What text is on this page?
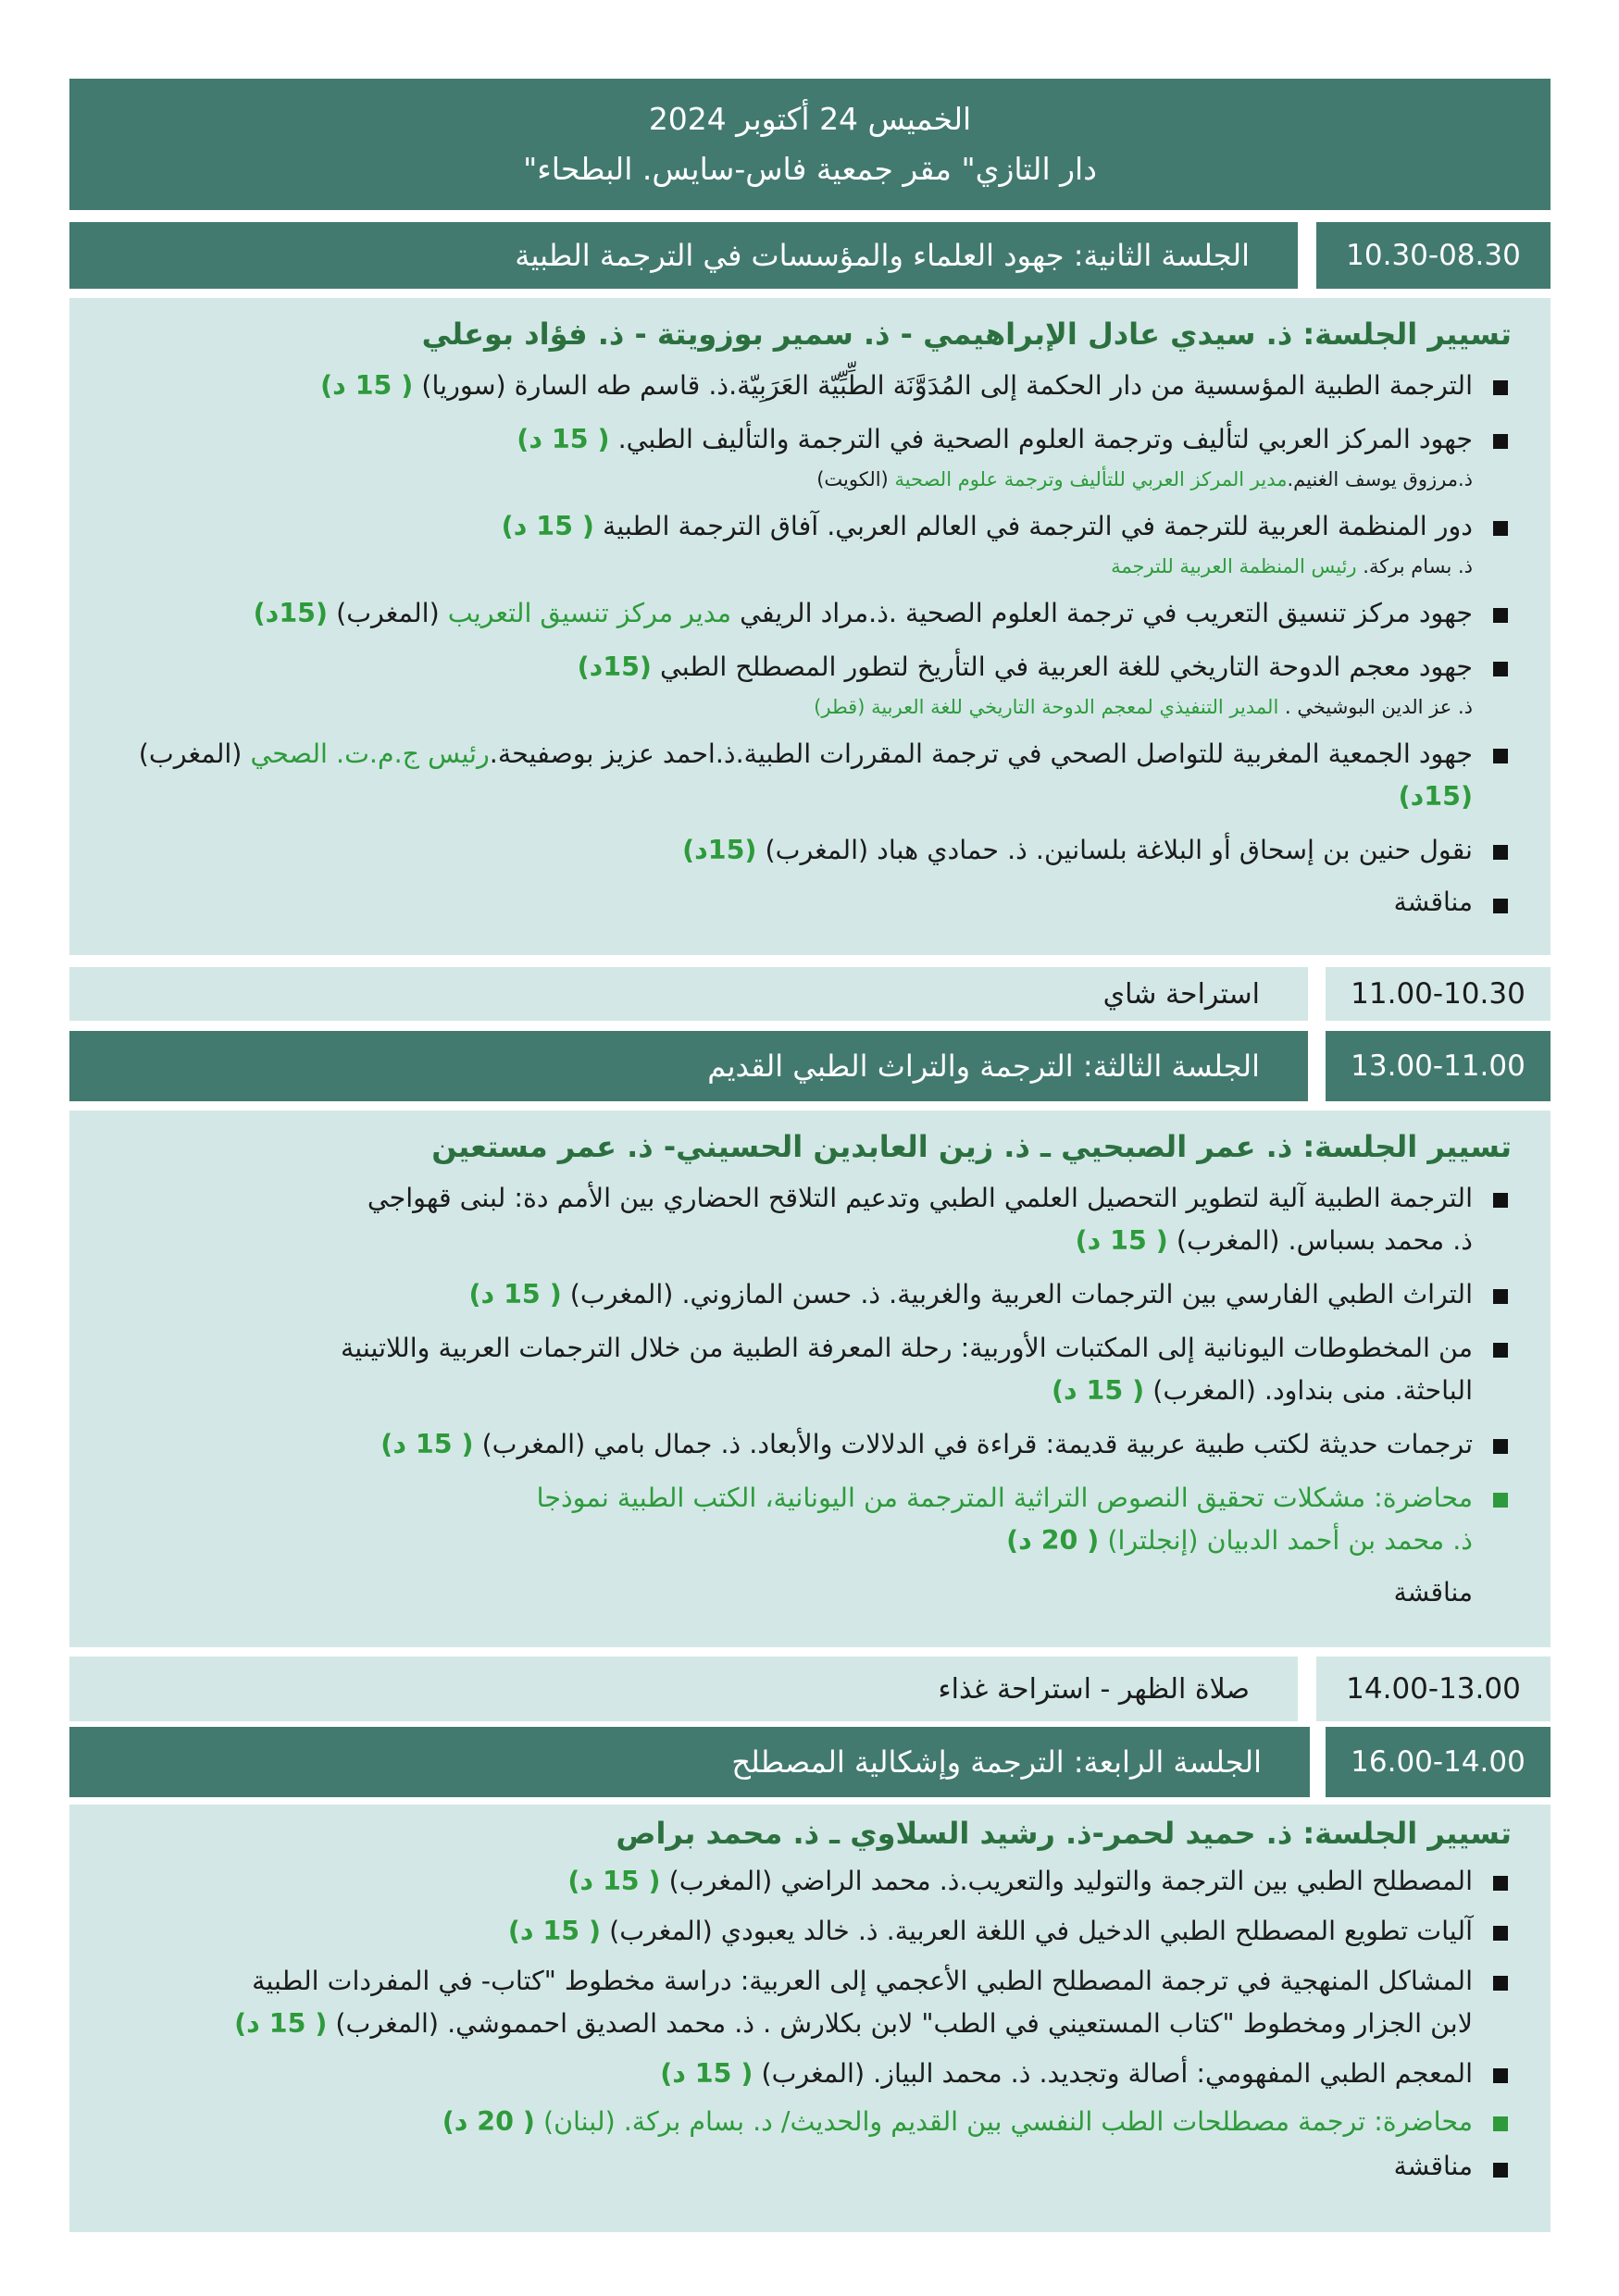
الخميس 24 أكتوبر 2024
دار التازي" مقر جمعية فاس-سايس. البطحاء"
الجلسة الثانية: جهود العلماء والمؤسسات في الترجمة الطبية	10.30-08.30
تسيير الجلسة: ذ. سيدي عادل الإبراهيمي - ذ. سمير بوزويتة - ذ. فؤاد بوعلي
الترجمة الطبية المؤسسية من دار الحكمة إلى المُدَوَّنَة الطِّبِّيّة العَرَبِيّة.ذ. قاسم طه السارة (سوريا) ( 15 د)
جهود المركز العربي لتأليف وترجمة العلوم الصحية في الترجمة والتأليف الطبي. ( 15 د)
ذ.مرزوق يوسف الغنيم.مدير المركز العربي للتأليف وترجمة علوم الصحية (الكويت)
دور المنظمة العربية للترجمة في الترجمة في العالم العربي. آفاق الترجمة الطبية ( 15 د)
ذ. بسام بركة. رئيس المنظمة العربية للترجمة
جهود مركز تنسيق التعريب في ترجمة العلوم الصحية .ذ.مراد الريفي مدير مركز تنسيق التعريب (المغرب) (15د)
جهود معجم الدوحة التاريخي للغة العربية في التأريخ لتطور المصطلح الطبي (15د)
ذ. عز الدين البوشيخي . المدير التنفيذي لمعجم الدوحة التاريخي للغة العربية (قطر)
جهود الجمعية المغربية للتواصل الصحي في ترجمة المقررات الطبية.ذ.احمد عزيز بوصفيحة.رئيس ج.م.ت. الصحي (المغرب) (15د)
نقول حنين بن إسحاق أو البلاغة بلسانين. ذ. حمادي هباد (المغرب) (15د)
مناقشة
استراحة شاي	11.00-10.30
الجلسة الثالثة: الترجمة والتراث الطبي القديم	13.00-11.00
تسيير الجلسة: ذ. عمر الصبحيي ـ ذ. زين العابدين الحسيني- ذ. عمر مستعين
الترجمة الطبية آلية لتطوير التحصيل العلمي الطبي وتدعيم التلاقح الحضاري بين الأمم دة: لبنى قهواجي
ذ. محمد بسباس. (المغرب) ( 15 د)
التراث الطبي الفارسي بين الترجمات العربية والغربية. ذ. حسن المازوني. (المغرب) ( 15 د)
من المخطوطات اليونانية إلى المكتبات الأوربية: رحلة المعرفة الطبية من خلال الترجمات العربية واللاتينية
الباحثة. منى بنداود. (المغرب) ( 15 د)
ترجمات حديثة لكتب طبية عربية قديمة: قراءة في الدلالات والأبعاد. ذ. جمال بامي (المغرب) ( 15 د)
محاضرة: مشكلات تحقيق النصوص التراثية المترجمة من اليونانية، الكتب الطبية نموذجا
ذ. محمد بن أحمد الدبيان (إنجلترا) ( 20 د)
مناقشة
صلاة الظهر - استراحة غذاء	14.00-13.00
الجلسة الرابعة: الترجمة وإشكالية المصطلح	16.00-14.00
تسيير الجلسة: ذ. حميد لحمر-ذ. رشيد السلاوي ـ ذ. محمد براص
المصطلح الطبي بين الترجمة والتوليد والتعريب.ذ. محمد الراضي (المغرب) ( 15 د)
آليات تطويع المصطلح الطبي الدخيل في اللغة العربية. ذ. خالد يعبودي (المغرب) ( 15 د)
المشاكل المنهجية في ترجمة المصطلح الطبي الأعجمي إلى العربية: دراسة مخطوط "كتاب- في المفردات الطبية
لابن الجزار ومخطوط "كتاب المستعيني في الطب" لابن بكلارش . ذ. محمد الصديق احمموشي. (المغرب) ( 15 د)
المعجم الطبي المفهومي: أصالة وتجديد. ذ. محمد البياز. (المغرب) ( 15 د)
محاضرة: ترجمة مصطلحات الطب النفسي بين القديم والحديث/ د. بسام بركة. (لبنان) ( 20 د)
مناقشة
